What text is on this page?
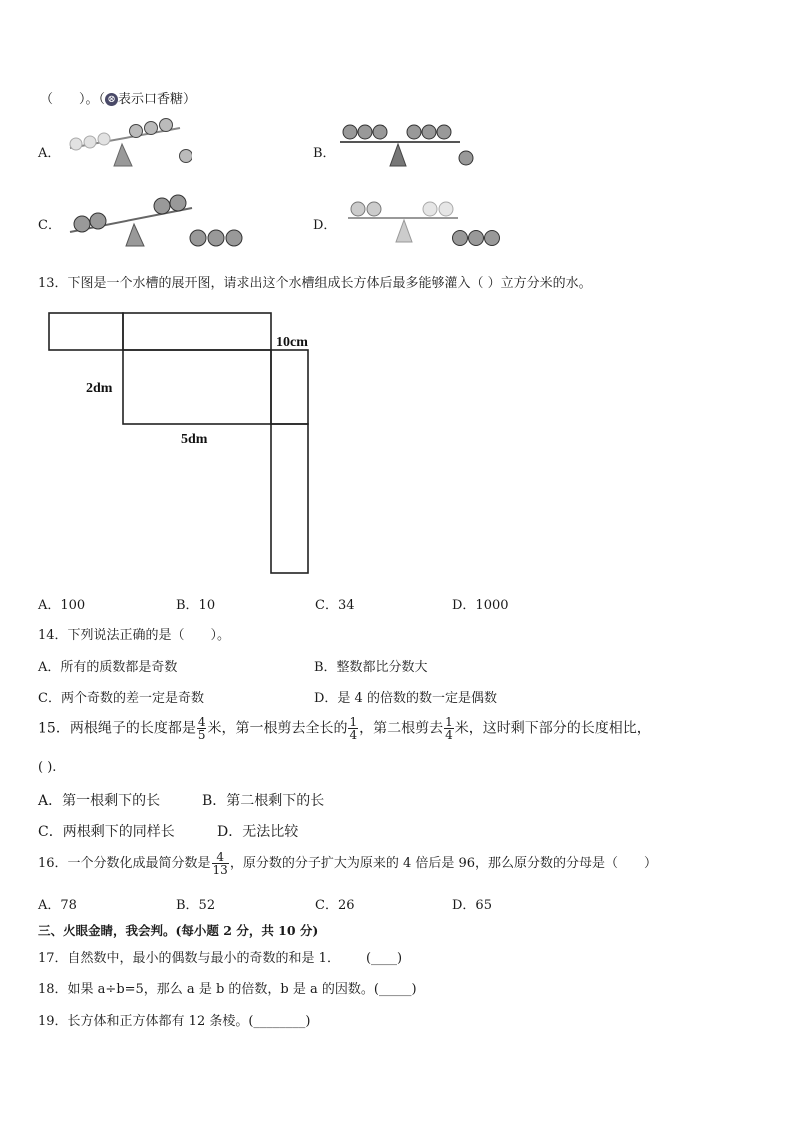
（ ）。（ ⊗ 表示口香糖）
A．	B．
C．	D．
13．下图是一个水槽的展开图，请求出这个水槽组成长方体后最多能够灌入（ ）立方分米的水。
10cm
2dm
5dm
A．100	B．10	C．34	D．1000
14．下列说法正确的是（　　）。
A．所有的质数都是奇数	B．整数都比分数大
C．两个奇数的差一定是奇数	D．是 4 的倍数的数一定是偶数
15．两根绳子的长度都是 $\frac{4}{5}$ 米，第一根剪去全长的 $\frac{1}{4}$ ，第二根剪去 $\frac{1}{4}$ 米，这时剩下部分的长度相比，
( ).
A．第一根剩下的长	B．第二根剩下的长
C．两根剩下的同样长	D．无法比较
16．一个分数化成最简分数是 $\frac{4}{13}$ ，原分数的分子扩大为原来的 4 倍后是 96，那么原分数的分母是（　　）
A．78	B．52	C．26	D．65
三、火眼金睛，我会判。(每小题 2 分，共 10 分)
17．自然数中，最小的偶数与最小的奇数的和是 1． (____)
18．如果 a÷b=5，那么 a 是 b 的倍数，b 是 a 的因数。(_____)
19．长方体和正方体都有 12 条棱。(________)
